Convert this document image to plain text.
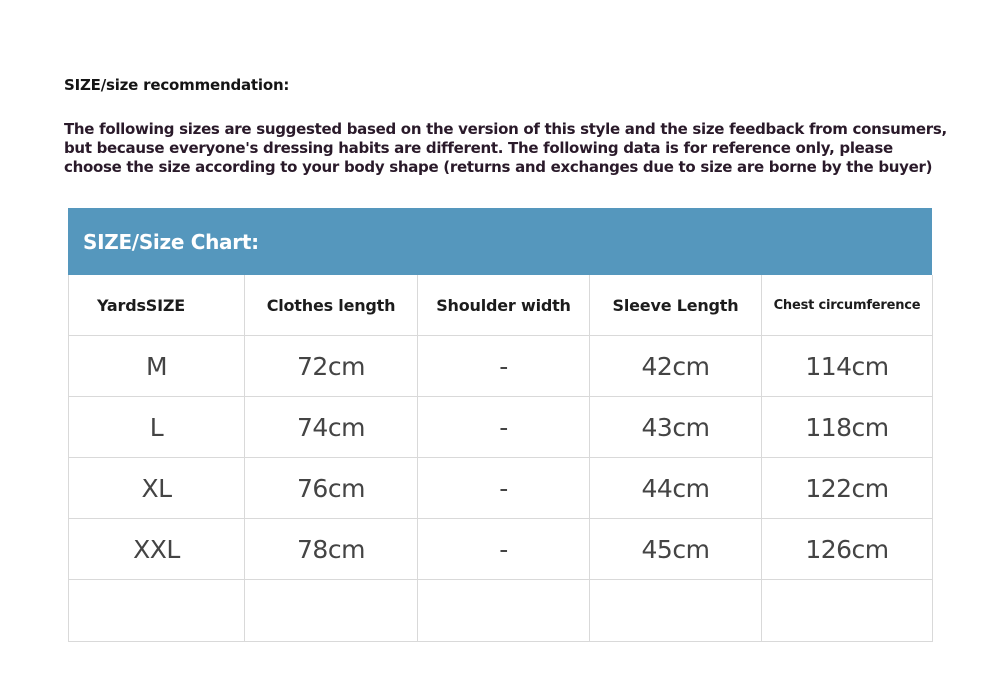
SIZE/size recommendation:
The following sizes are suggested based on the version of this style and the size feedback from consumers,
but because everyone's dressing habits are different. The following data is for reference only, please
choose the size according to your body shape (returns and exchanges due to size are borne by the buyer)
SIZE/Size Chart:
YardsSIZE	Clothes length	Shoulder width	Sleeve Length	Chest circumference
M	72cm	-	42cm	114cm
L	74cm	-	43cm	118cm
XL	76cm	-	44cm	122cm
XXL	78cm	-	45cm	126cm
